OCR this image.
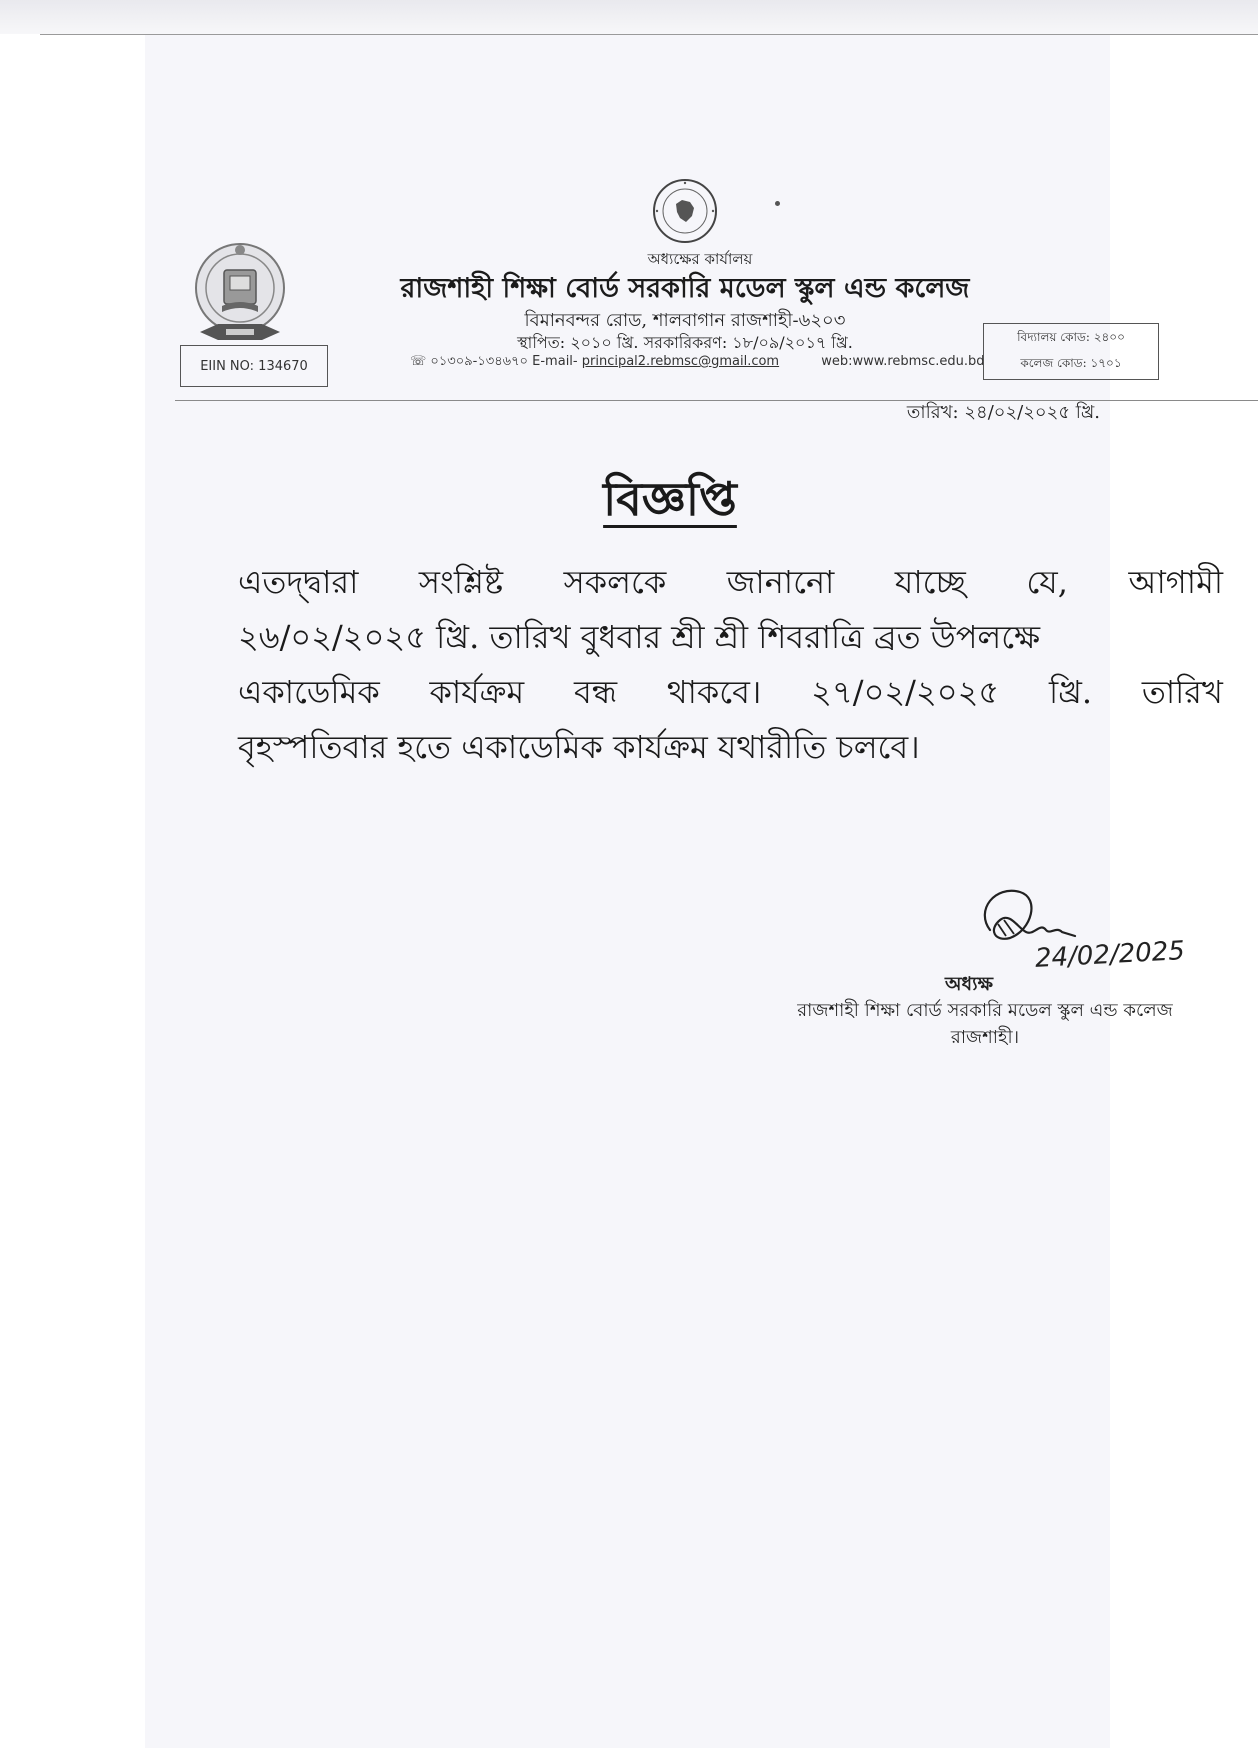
অধ্যক্ষের কার্যালয়
রাজশাহী শিক্ষা বোর্ড সরকারি মডেল স্কুল এন্ড কলেজ
বিমানবন্দর রোড, শালবাগান রাজশাহী-৬২০৩
স্থাপিত: ২০১০ খ্রি. সরকারিকরণ: ১৮/০৯/২০১৭ খ্রি.
☏ ০১৩০৯-১৩৪৬৭০ E-mail- principal2.rebmsc@gmail.com	web:www.rebmsc.edu.bd
EIIN NO: 134670
বিদ্যালয় কোড: ২৪০০
কলেজ কোড: ১৭০১
তারিখ: ২৪/০২/২০২৫ খ্রি.
বিজ্ঞপ্তি
এতদ্দ্বারা সংশ্লিষ্ট সকলকে জানানো যাচ্ছে যে, আগামী
২৬/০২/২০২৫ খ্রি. তারিখ বুধবার শ্রী শ্রী শিবরাত্রি ব্রত উপলক্ষে
একাডেমিক কার্যক্রম বন্ধ থাকবে। ২৭/০২/২০২৫ খ্রি. তারিখ
বৃহস্পতিবার হতে একাডেমিক কার্যক্রম যথারীতি চলবে।
24/02/2025
অধ্যক্ষ
রাজশাহী শিক্ষা বোর্ড সরকারি মডেল স্কুল এন্ড কলেজ
রাজশাহী।
